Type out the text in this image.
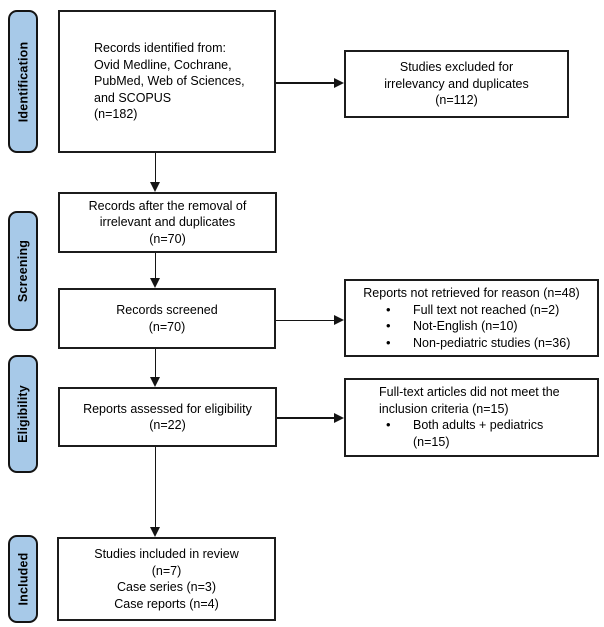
Identification
Screening
Eligibility
Included
Records identified from:
Ovid Medline, Cochrane,
PubMed, Web of Sciences,
and SCOPUS
(n=182)
Records after the removal of
irrelevant and duplicates
(n=70)
Records screened
(n=70)
Reports assessed for eligibility
(n=22)
Studies included in review
(n=7)
Case series (n=3)
Case reports (n=4)
Studies excluded for
irrelevancy and duplicates
(n=112)
Reports not retrieved for reason (n=48)
•
Full text not reached (n=2)
•
Not-English (n=10)
•
Non-pediatric studies (n=36)
Full-text articles did not meet the
inclusion criteria (n=15)
•
Both adults + pediatrics
(n=15)
